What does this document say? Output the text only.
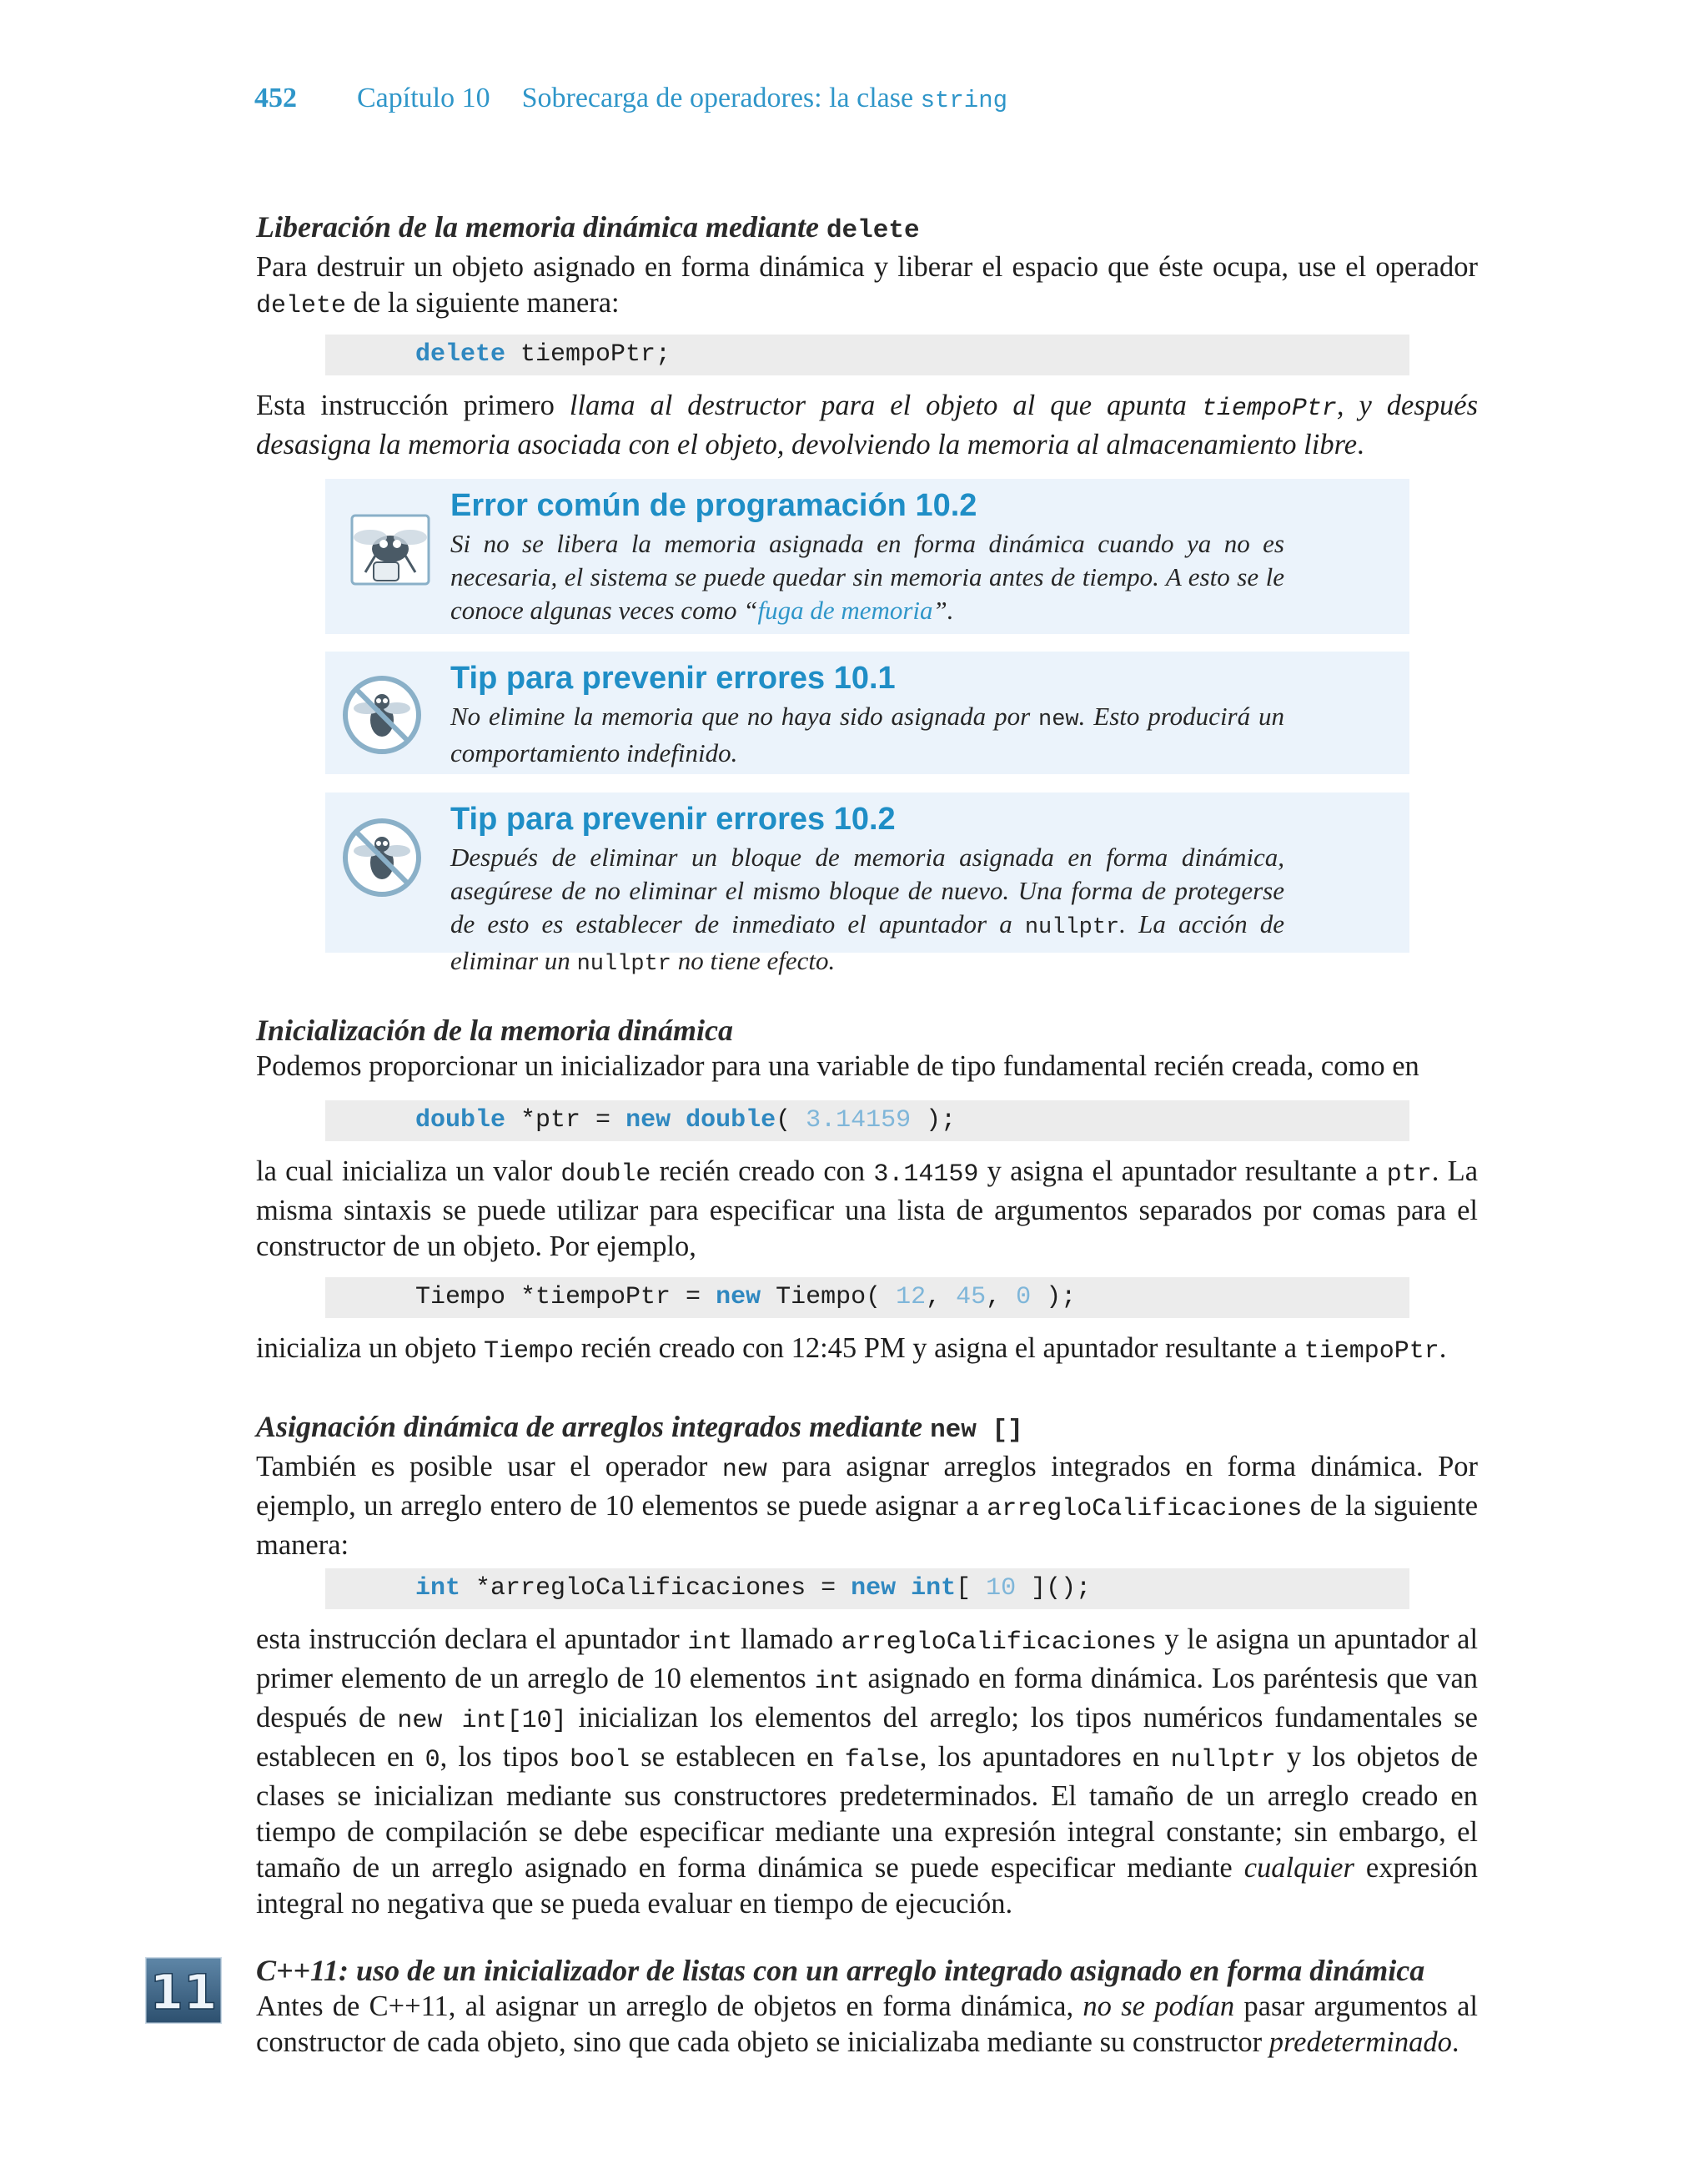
452 Capítulo 10 Sobrecarga de operadores: la clase string
Liberación de la memoria dinámica mediante delete

Para destruir un objeto asignado en forma dinámica y liberar el espacio que éste ocupa, use el operador delete de la siguiente manera:

delete tiempoPtr;

Esta instrucción primero llama al destructor para el objeto al que apunta tiempoPtr, y después desasigna la memoria asociada con el objeto, devolviendo la memoria al almacenamiento libre.

Error común de programación 10.2
Si no se libera la memoria asignada en forma dinámica cuando ya no es necesaria, el sistema se puede quedar sin memoria antes de tiempo. A esto se le conoce algunas veces como “fuga de memoria”.
Tip para prevenir errores 10.1
No elimine la memoria que no haya sido asignada por new. Esto producirá un comportamiento indefinido.
Tip para prevenir errores 10.2
Después de eliminar un bloque de memoria asignada en forma dinámica, asegúrese de no eliminar el mismo bloque de nuevo. Una forma de protegerse de esto es establecer de inmediato el apuntador a nullptr. La acción de eliminar un nullptr no tiene efecto.
Inicialización de la memoria dinámica

Podemos proporcionar un inicializador para una variable de tipo fundamental recién creada, como en

double *ptr = new double( 3.14159 );

la cual inicializa un valor double recién creado con 3.14159 y asigna el apuntador resultante a ptr. La misma sintaxis se puede utilizar para especificar una lista de argumentos separados por comas para el constructor de un objeto. Por ejemplo,

Tiempo *tiempoPtr = new Tiempo( 12, 45, 0 );

inicializa un objeto Tiempo recién creado con 12:45 PM y asigna el apuntador resultante a tiempoPtr.

Asignación dinámica de arreglos integrados mediante new []

También es posible usar el operador new para asignar arreglos integrados en forma dinámica. Por ejemplo, un arreglo entero de 10 elementos se puede asignar a arregloCalificaciones de la siguiente manera:

int *arregloCalificaciones = new int[ 10 ]();

esta instrucción declara el apuntador int llamado arregloCalificaciones y le asigna un apuntador al primer elemento de un arreglo de 10 elementos int asignado en forma dinámica. Los paréntesis que van después de new int[10] inicializan los elementos del arreglo; los tipos numéricos fundamentales se establecen en 0, los tipos bool se establecen en false, los apuntadores en nullptr y los objetos de clases se inicializan mediante sus constructores predeterminados. El tamaño de un arreglo creado en tiempo de compilación se debe especificar mediante una expresión integral constante; sin embargo, el tamaño de un arreglo asignado en forma dinámica se puede especificar mediante cualquier expresión integral no negativa que se pueda evaluar en tiempo de ejecución.

11 C++11: uso de un inicializador de listas con un arreglo integrado asignado en forma dinámica

Antes de C++11, al asignar un arreglo de objetos en forma dinámica, no se podían pasar argumentos al constructor de cada objeto, sino que cada objeto se inicializaba mediante su constructor predeterminado.
